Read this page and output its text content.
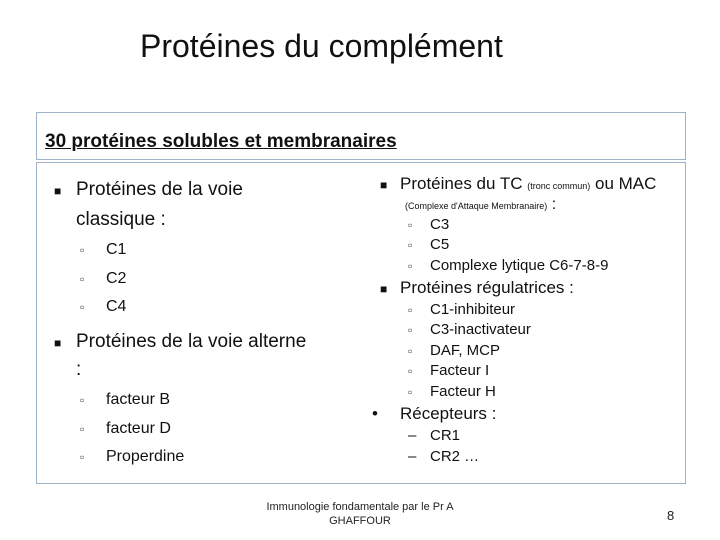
Protéines du complément
30 protéines solubles et membranaires
■ Protéines de la voie
classique :
▫ C1
▫ C2
▫ C4
■ Protéines de la voie alterne
:
▫ facteur B
▫ facteur D
▫ Properdine
■ Protéines du TC (tronc commun) ou MAC
(Complexe d'Attaque Membranaire) :
▫ C3
▫ C5
▫ Complexe lytique C6-7-8-9
■ Protéines régulatrices :
▫ C1-inhibiteur
▫ C3-inactivateur
▫ DAF, MCP
▫ Facteur I
▫ Facteur H
• Récepteurs :
– CR1
– CR2 …
Immunologie fondamentale par le Pr A
GHAFFOUR	8
